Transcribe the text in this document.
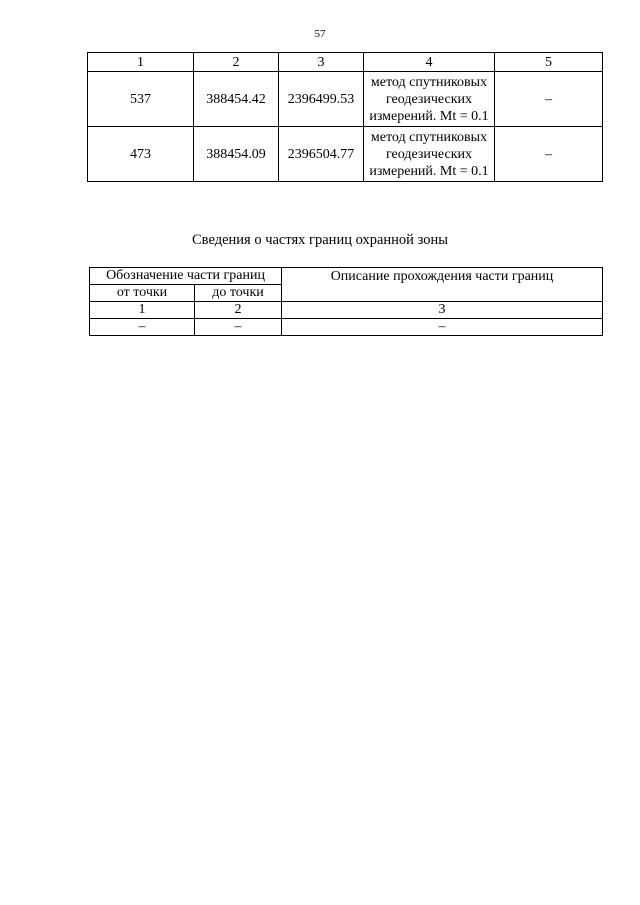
57
1	2	3	4	5
537	388454.42	2396499.53	метод спутниковых
геодезических
измерений. Mt = 0.1	–
473	388454.09	2396504.77	метод спутниковых
геодезических
измерений. Mt = 0.1	–
Сведения о частях границ охранной зоны
Обозначение части границ		Описание прохождения части границ
от точки	до точки	
1	2	3
–	–	–
